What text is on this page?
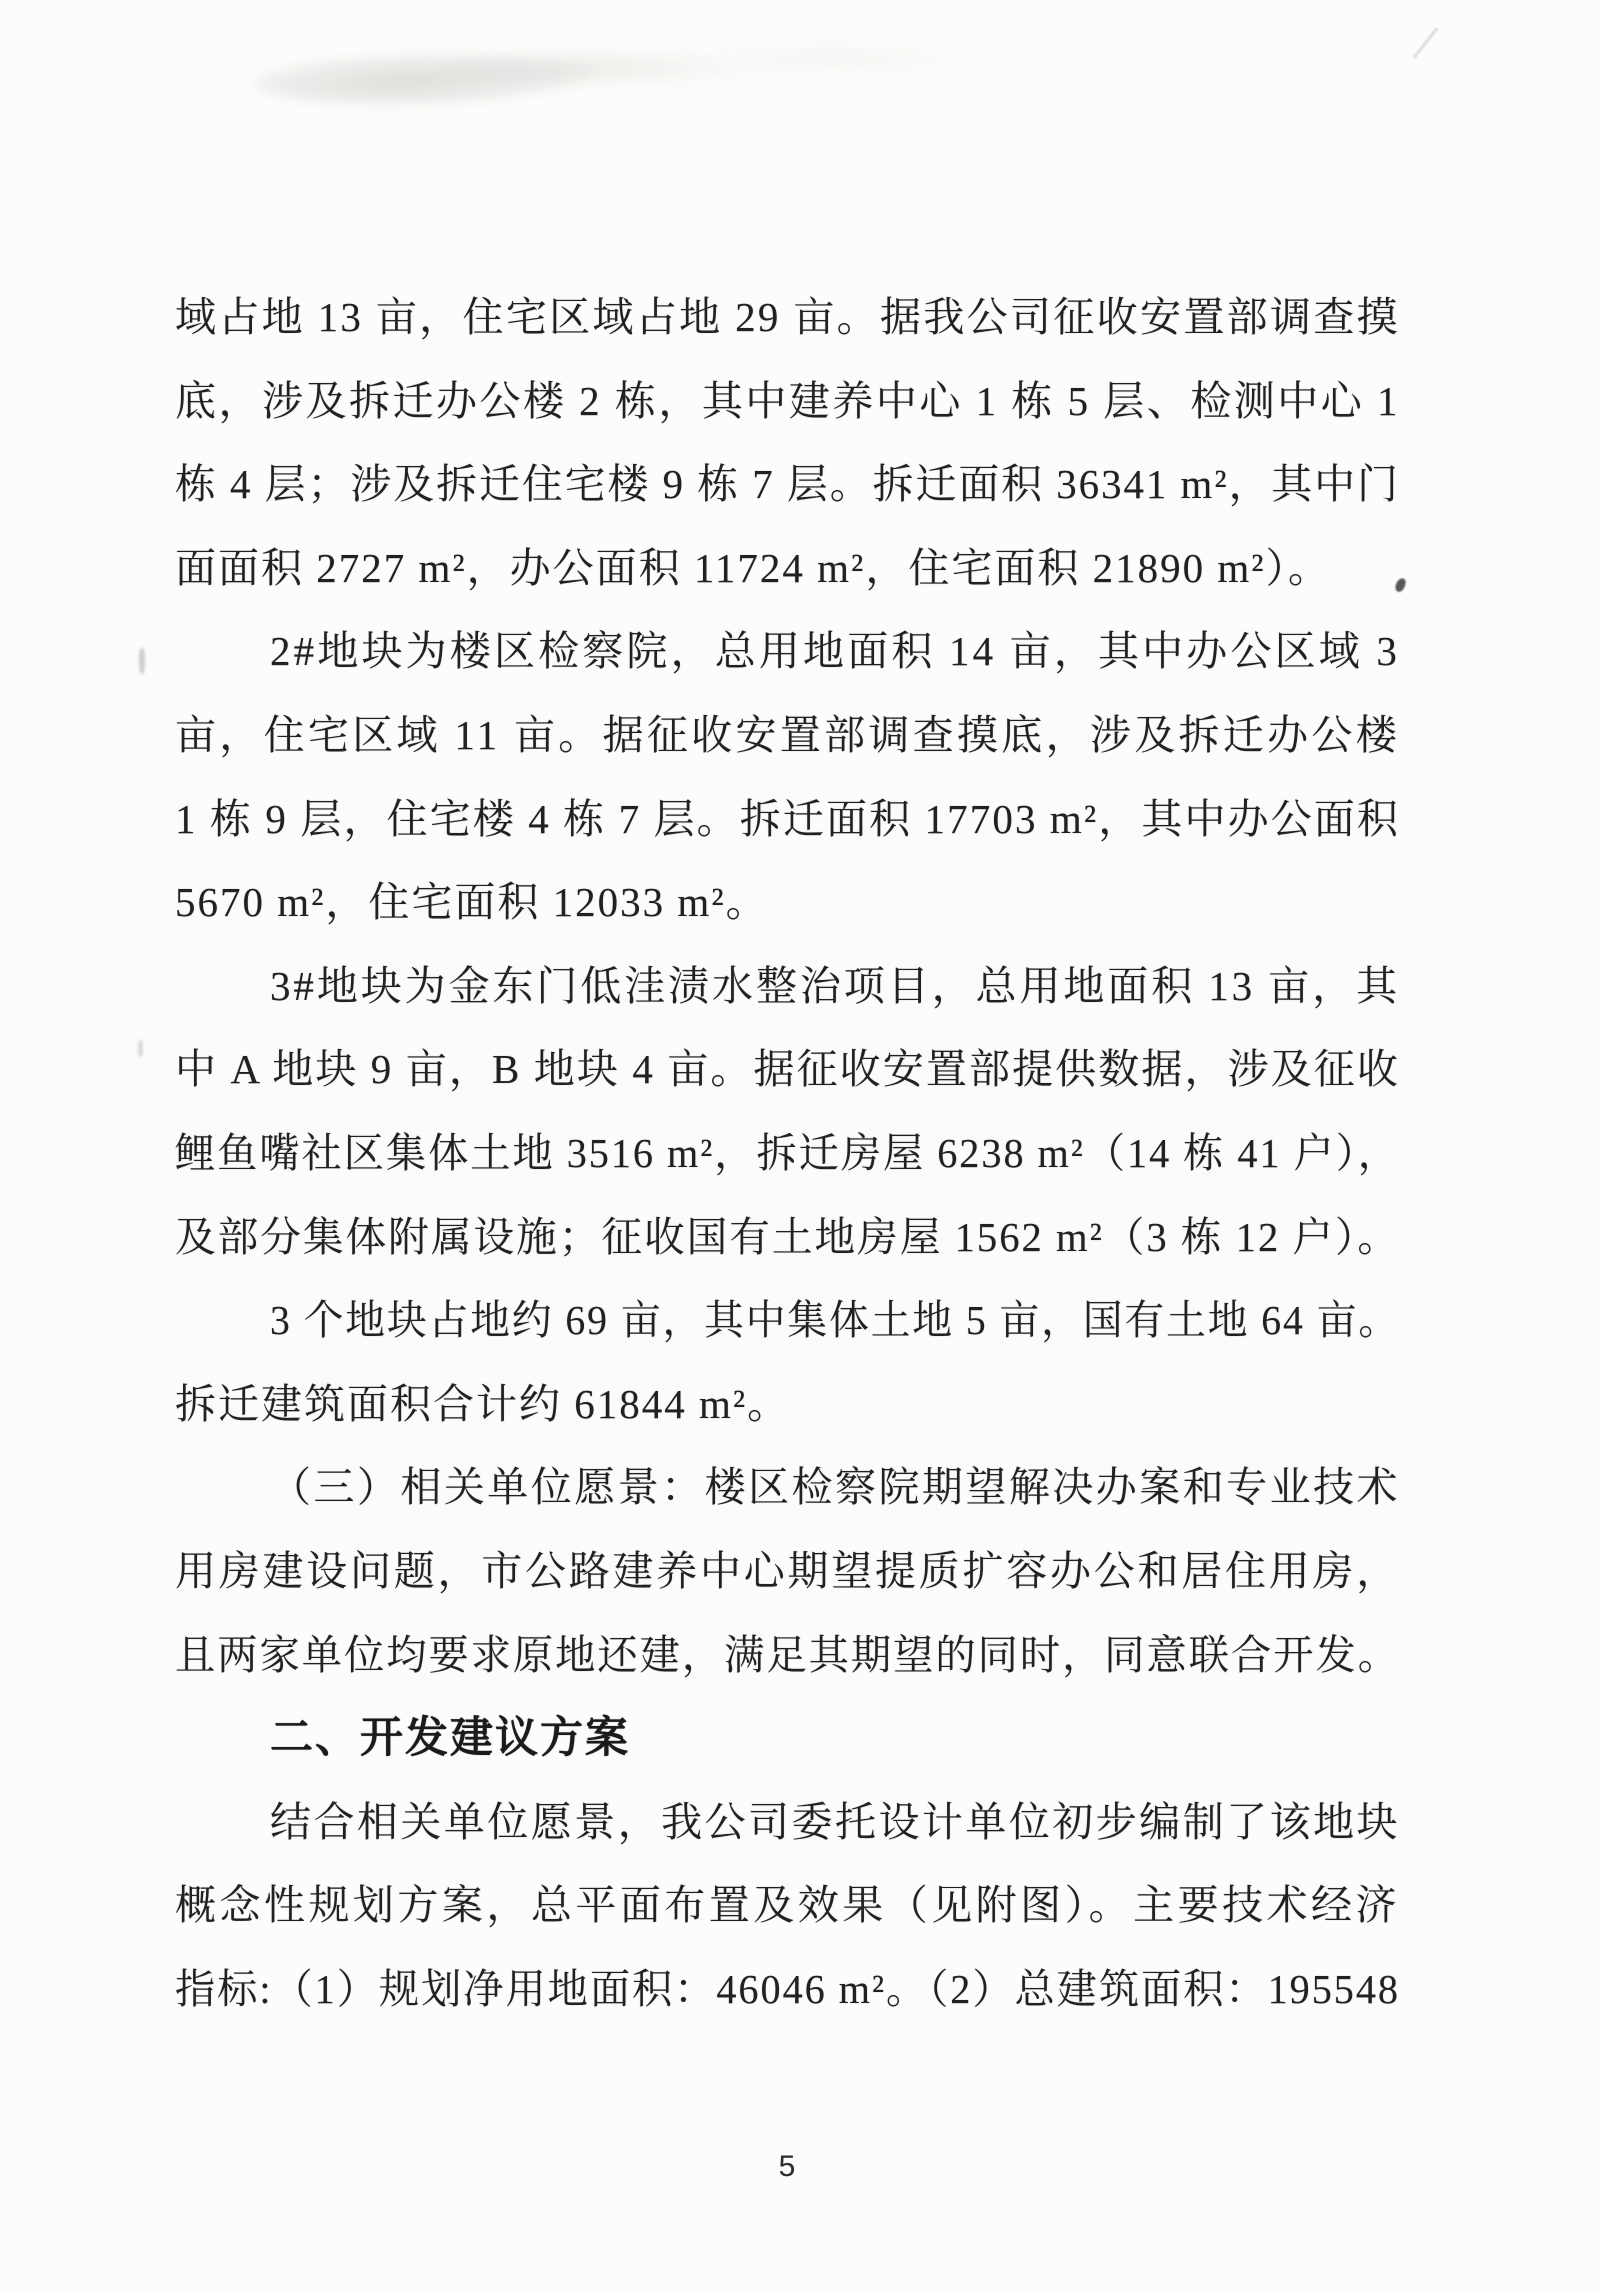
域占地 13 亩，住宅区域占地 29 亩。据我公司征收安置部调查摸
底，涉及拆迁办公楼 2 栋，其中建养中心 1 栋 5 层、检测中心 1
栋 4 层；涉及拆迁住宅楼 9 栋 7 层。拆迁面积 36341 m²，其中门
面面积 2727 m²，办公面积 11724 m²，住宅面积 21890 m²）。
2#地块为楼区检察院，总用地面积 14 亩，其中办公区域 3
亩，住宅区域 11 亩。据征收安置部调查摸底，涉及拆迁办公楼
1 栋 9 层，住宅楼 4 栋 7 层。拆迁面积 17703 m²，其中办公面积
5670 m²，住宅面积 12033 m²。
3#地块为金东门低洼渍水整治项目，总用地面积 13 亩，其
中 A 地块 9 亩，B 地块 4 亩。据征收安置部提供数据，涉及征收
鲤鱼嘴社区集体土地 3516 m²，拆迁房屋 6238 m²（14 栋 41 户），
及部分集体附属设施；征收国有土地房屋 1562 m²（3 栋 12 户）。
3 个地块占地约 69 亩，其中集体土地 5 亩，国有土地 64 亩。
拆迁建筑面积合计约 61844 m²。
（三）相关单位愿景：楼区检察院期望解决办案和专业技术
用房建设问题，市公路建养中心期望提质扩容办公和居住用房，
且两家单位均要求原地还建，满足其期望的同时，同意联合开发。
二、开发建议方案
结合相关单位愿景，我公司委托设计单位初步编制了该地块
概念性规划方案，总平面布置及效果（见附图）。主要技术经济
指标:（1）规划净用地面积：46046 m²。（2）总建筑面积：195548
5
